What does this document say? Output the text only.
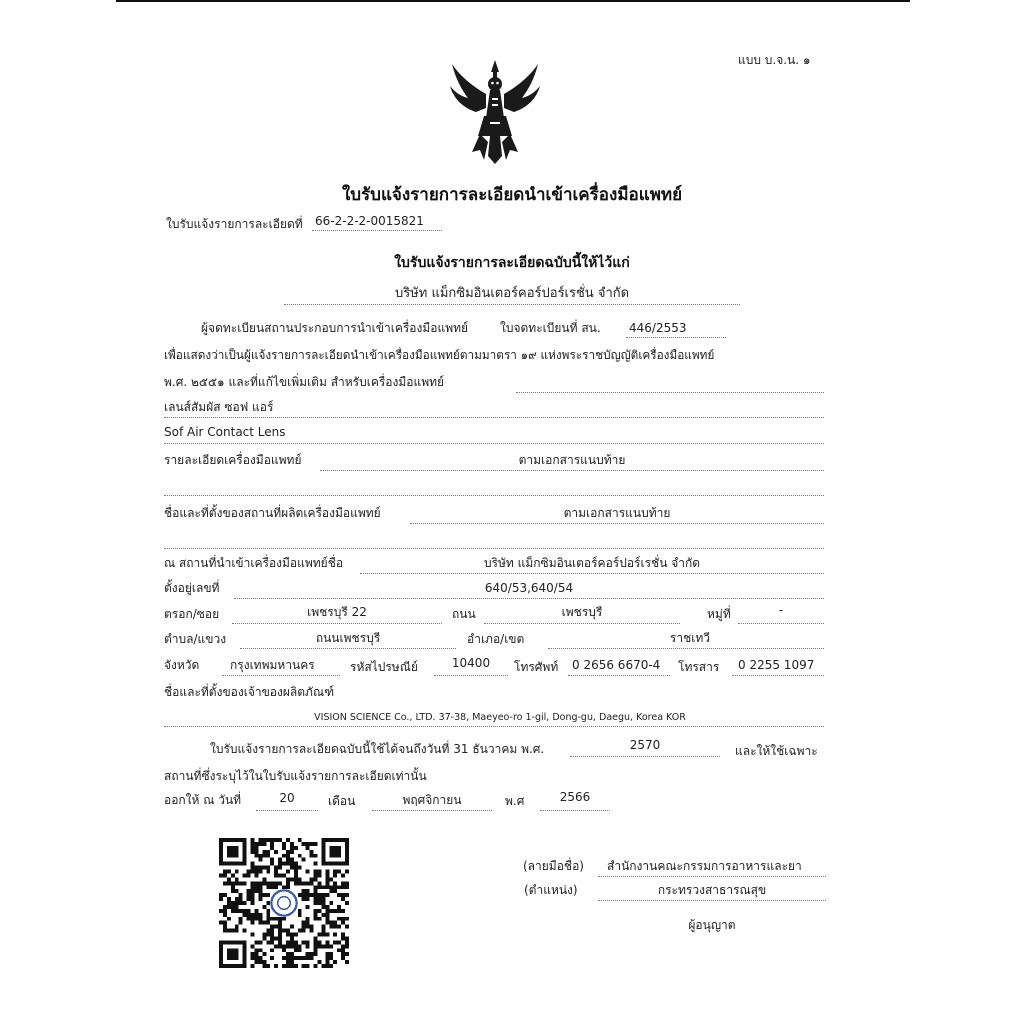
แบบ บ.จ.น. ๑
ใบรับแจ้งรายการละเอียดนำเข้าเครื่องมือแพทย์
ใบรับแจ้งรายการละเอียดที่ 66-2-2-2-0015821
ใบรับแจ้งรายการละเอียดฉบับนี้ให้ไว้แก่
บริษัท แม็กซิมอินเตอร์คอร์ปอร์เรชั่น จำกัด
ผู้จดทะเบียนสถานประกอบการนำเข้าเครื่องมือแพทย์	ใบจดทะเบียนที่ สน. 446/2553
เพื่อแสดงว่าเป็นผู้แจ้งรายการละเอียดนำเข้าเครื่องมือแพทย์ตามมาตรา ๑๙ แห่งพระราชบัญญัติเครื่องมือแพทย์
พ.ศ. ๒๕๕๑ และที่แก้ไขเพิ่มเติม สำหรับเครื่องมือแพทย์
เลนส์สัมผัส ซอฟ แอร์
Sof Air Contact Lens
รายละเอียดเครื่องมือแพทย์	ตามเอกสารแนบท้าย
ชื่อและที่ตั้งของสถานที่ผลิตเครื่องมือแพทย์	ตามเอกสารแนบท้าย
ณ สถานที่นำเข้าเครื่องมือแพทย์ชื่อ	บริษัท แม็กซิมอินเตอร์คอร์ปอร์เรชั่น จำกัด
ตั้งอยู่เลขที่	640/53,640/54
ตรอก/ซอย	เพชรบุรี 22	ถนน	เพชรบุรี	หมู่ที่	-
ตำบล/แขวง	ถนนเพชรบุรี	อำเภอ/เขต	ราชเทวี
จังหวัด	กรุงเทพมหานคร	รหัสไปรษณีย์	10400	โทรศัพท์ 0 2656 6670-4 โทรสาร 0 2255 1097
ชื่อและที่ตั้งของเจ้าของผลิตภัณฑ์
VISION SCIENCE Co., LTD. 37-38, Maeyeo-ro 1-gil, Dong-gu, Daegu, Korea KOR
ใบรับแจ้งรายการละเอียดฉบับนี้ใช้ได้จนถึงวันที่ 31 ธันวาคม พ.ศ.	2570	และให้ใช้เฉพาะ
สถานที่ซึ่งระบุไว้ในใบรับแจ้งรายการละเอียดเท่านั้น
ออกให้ ณ วันที่	20	เดือน	พฤศจิกายน	พ.ศ	2566
(ลายมือชื่อ) สำนักงานคณะกรรมการอาหารและยา
(ตำแหน่ง)	กระทรวงสาธารณสุข
ผู้อนุญาต
